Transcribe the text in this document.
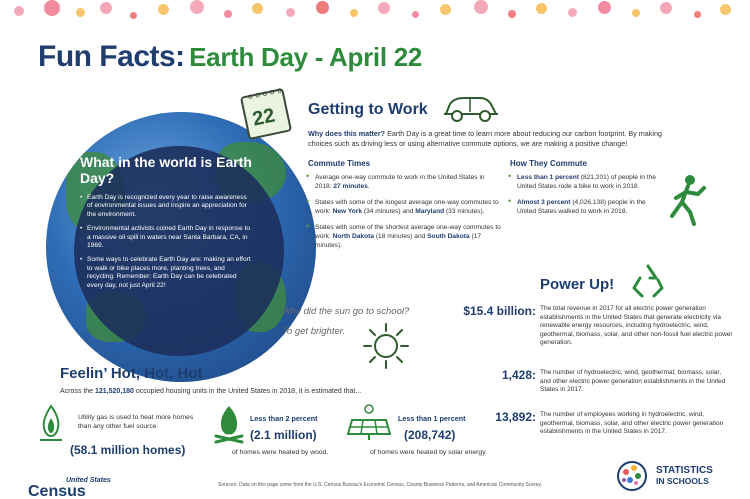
Fun Facts: Earth Day - April 22
What in the world is Earth Day?
• Earth Day is recognized every year to raise awareness of environmental issues and inspire an appreciation for the environment.
• Environmental activists coined Earth Day in response to a massive oil spill in waters near Santa Barbara, CA, in 1969.
• Some ways to celebrate Earth Day are: making an effort to walk or bike places more, planting trees, and recycling. Remember: Earth Day can be celebrated every day, not just April 22!
ooooo
22 Getting to Work
Why does this matter? Earth Day is a great time to learn more about reducing our carbon footprint. By making choices such as driving less or using alternative commute options, we are making a positive change!
Commute Times
• Average one-way commute to work in the United States in 2018: 27 minutes.
• States with some of the longest average one-way commutes to work: New York (34 minutes) and Maryland (33 minutes).
• States with some of the shortest average one-way commutes to work: North Dakota (18 minutes) and South Dakota (17 minutes).
How They Commute
• Less than 1 percent (821,201) of people in the United States rode a bike to work in 2018.
• Almost 3 percent (4,026,138) people in the United States walked to work in 2018.
Why did the sun go to school?
To get brighter.
Power Up!
$15.4 billion: The total revenue in 2017 for all electric power generation establishments in the United States that generate electricity via renewable energy resources, including hydroelectric, wind, geothermal, biomass, solar, and other non-fossil fuel electric power generation.
1,428: The number of hydroelectric, wind, geothermal, biomass, solar, and other electric power generation establishments in the United States in 2017.
13,892: The number of employees working in hydroelectric, wind, geothermal, biomass, solar, and other electric power generation establishments in the United States in 2017.
Feelin’ Hot, Hot, Hot
Across the 121,520,180 occupied housing units in the United States in 2018, it is estimated that...
Utility gas is used to heat more homes than any other fuel source.
(58.1 million homes)
Less than 2 percent
(2.1 million)
of homes were heated by wood.
Less than 1 percent
(208,742)
of homes were heated by solar energy.
United States
Census	Sources: Data on this page come from the U.S. Census Bureau's Economic Census, County Business Patterns, and American Community Survey.
STATISTICS
IN SCHOOLS
